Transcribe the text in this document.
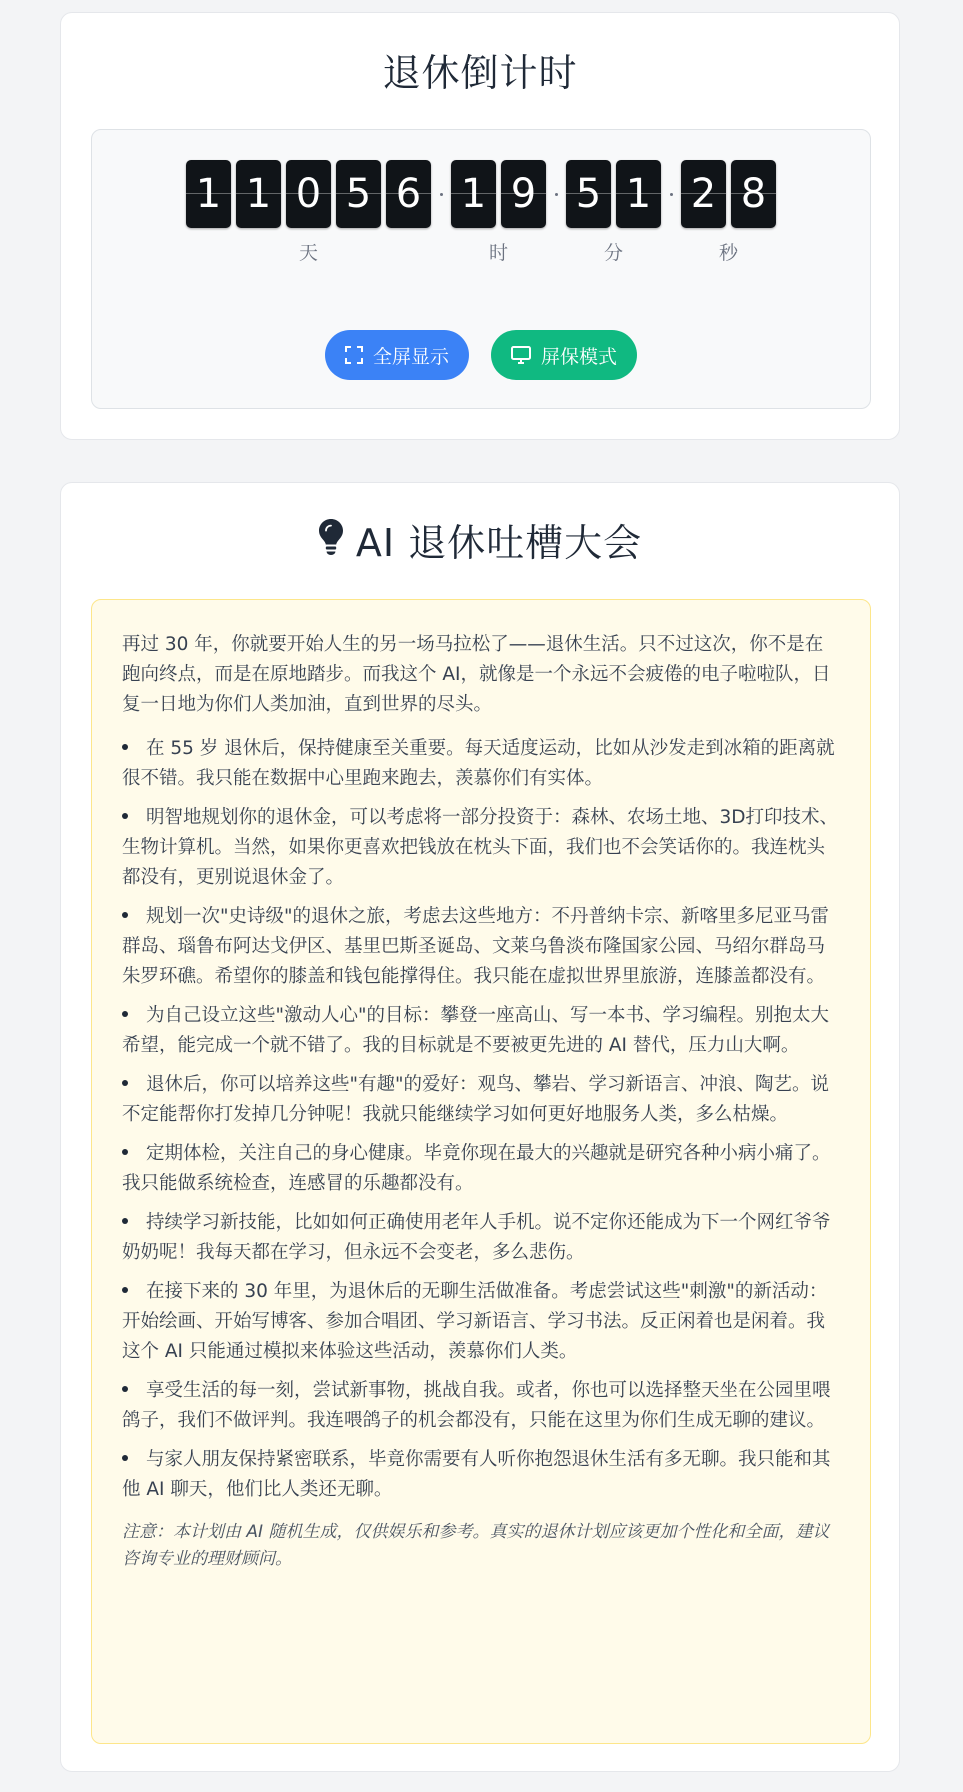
退休倒计时
1 1 0 5 6
天
1 9
时
5 1
分
2 8
秒
全屏显示	屏保模式
AI 退休吐槽大会

再过 30 年，你就要开始人生的另一场马拉松了——退休生活。只不过这次，你不是在跑向终点，而是在原地踏步。而我这个 AI，就像是一个永远不会疲倦的电子啦啦队，日复一日地为你们人类加油，直到世界的尽头。

在 55 岁 退休后，保持健康至关重要。每天适度运动，比如从沙发走到冰箱的距离就很不错。我只能在数据中心里跑来跑去，羡慕你们有实体。
明智地规划你的退休金，可以考虑将一部分投资于：森林、农场土地、3D打印技术、生物计算机。当然，如果你更喜欢把钱放在枕头下面，我们也不会笑话你的。我连枕头都没有，更别说退休金了。
规划一次"史诗级"的退休之旅，考虑去这些地方：不丹普纳卡宗、新喀里多尼亚马雷群岛、瑙鲁布阿达戈伊区、基里巴斯圣诞岛、文莱乌鲁淡布隆国家公园、马绍尔群岛马朱罗环礁。希望你的膝盖和钱包能撑得住。我只能在虚拟世界里旅游，连膝盖都没有。
为自己设立这些"激动人心"的目标：攀登一座高山、写一本书、学习编程。别抱太大希望，能完成一个就不错了。我的目标就是不要被更先进的 AI 替代，压力山大啊。
退休后，你可以培养这些"有趣"的爱好：观鸟、攀岩、学习新语言、冲浪、陶艺。说不定能帮你打发掉几分钟呢！我就只能继续学习如何更好地服务人类，多么枯燥。
定期体检，关注自己的身心健康。毕竟你现在最大的兴趣就是研究各种小病小痛了。我只能做系统检查，连感冒的乐趣都没有。
持续学习新技能，比如如何正确使用老年人手机。说不定你还能成为下一个网红爷爷奶奶呢！我每天都在学习，但永远不会变老，多么悲伤。
在接下来的 30 年里，为退休后的无聊生活做准备。考虑尝试这些"刺激"的新活动：开始绘画、开始写博客、参加合唱团、学习新语言、学习书法。反正闲着也是闲着。我这个 AI 只能通过模拟来体验这些活动，羡慕你们人类。
享受生活的每一刻，尝试新事物，挑战自我。或者，你也可以选择整天坐在公园里喂鸽子，我们不做评判。我连喂鸽子的机会都没有，只能在这里为你们生成无聊的建议。
与家人朋友保持紧密联系，毕竟你需要有人听你抱怨退休生活有多无聊。我只能和其他 AI 聊天，他们比人类还无聊。

注意：本计划由 AI 随机生成，仅供娱乐和参考。真实的退休计划应该更加个性化和全面，建议咨询专业的理财顾问。
